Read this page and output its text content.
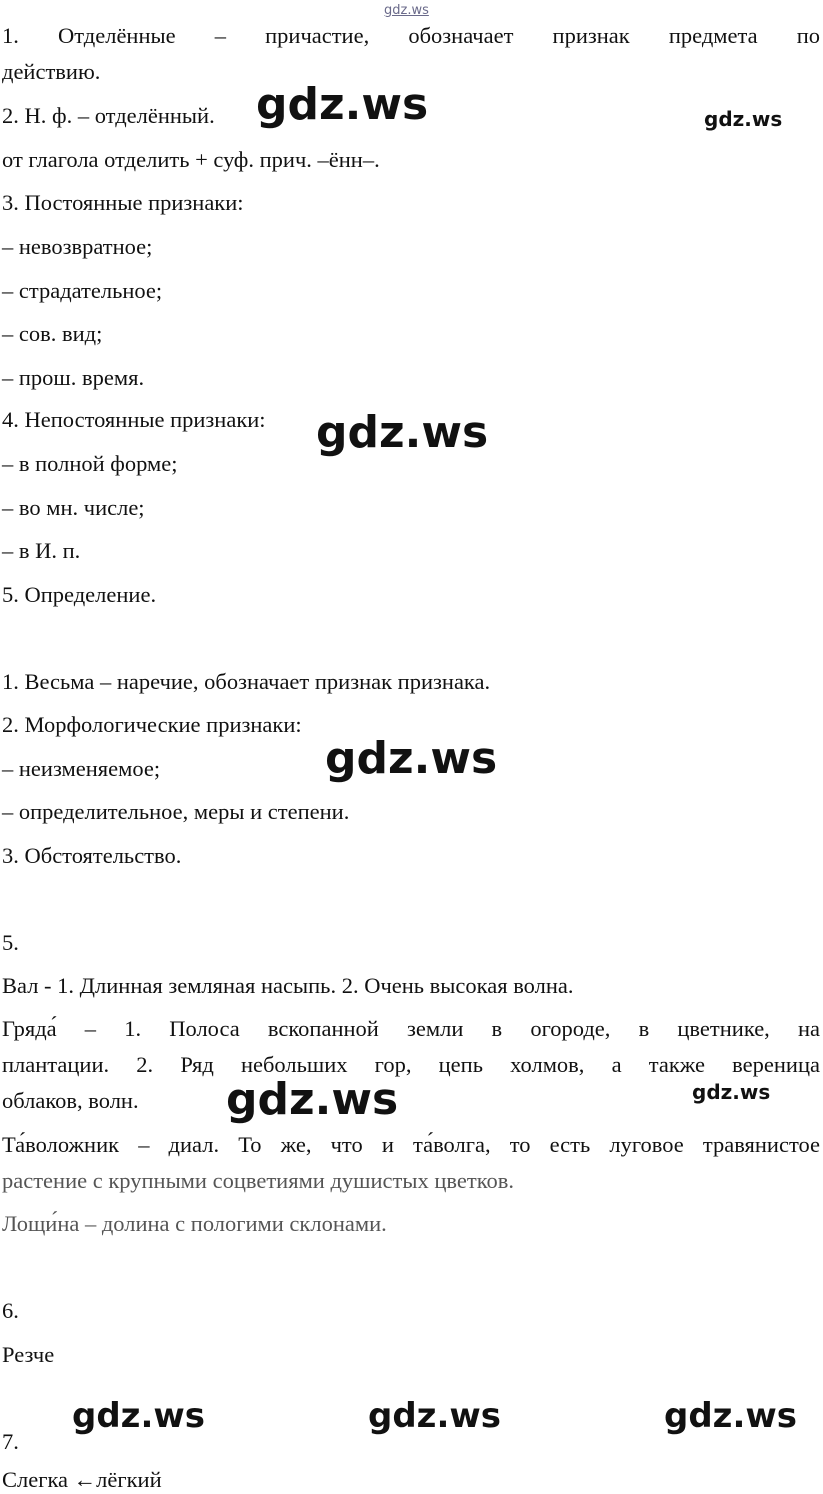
1. Отделённые – причастие, обозначает признак предмета по

действию.

2. Н. ф. – отделённый.

от глагола отделить + суф. прич. –ённ–.

3. Постоянные признаки:

– невозвратное;

– страдательное;

– сов. вид;

– прош. время.

4. Непостоянные признаки:

– в полной форме;

– во мн. числе;

– в И. п.

5. Определение.

1. Весьма – наречие, обозначает признак признака.

2. Морфологические признаки:

– неизменяемое;

– определительное, меры и степени.

3. Обстоятельство.

5.

Вал - 1. Длинная земляная насыпь. 2. Очень высокая волна.

Гряда́ – 1. Полоса вскопанной земли в огороде, в цветнике, на

плантации. 2. Ряд небольших гор, цепь холмов, а также вереница

облаков, волн.

Та́воложник – диал. То же, что и та́волга, то есть луговое травянистое

растение с крупными соцветиями душистых цветков.

Лощи́на – долина с пологими склонами.

6.

Резче

7.

Слегка ←лёгкий

gdz.ws
gdz.ws	gdz.ws
gdz.ws
gdz.ws
gdz.ws	gdz.ws
gdz.ws	gdz.ws	gdz.ws
